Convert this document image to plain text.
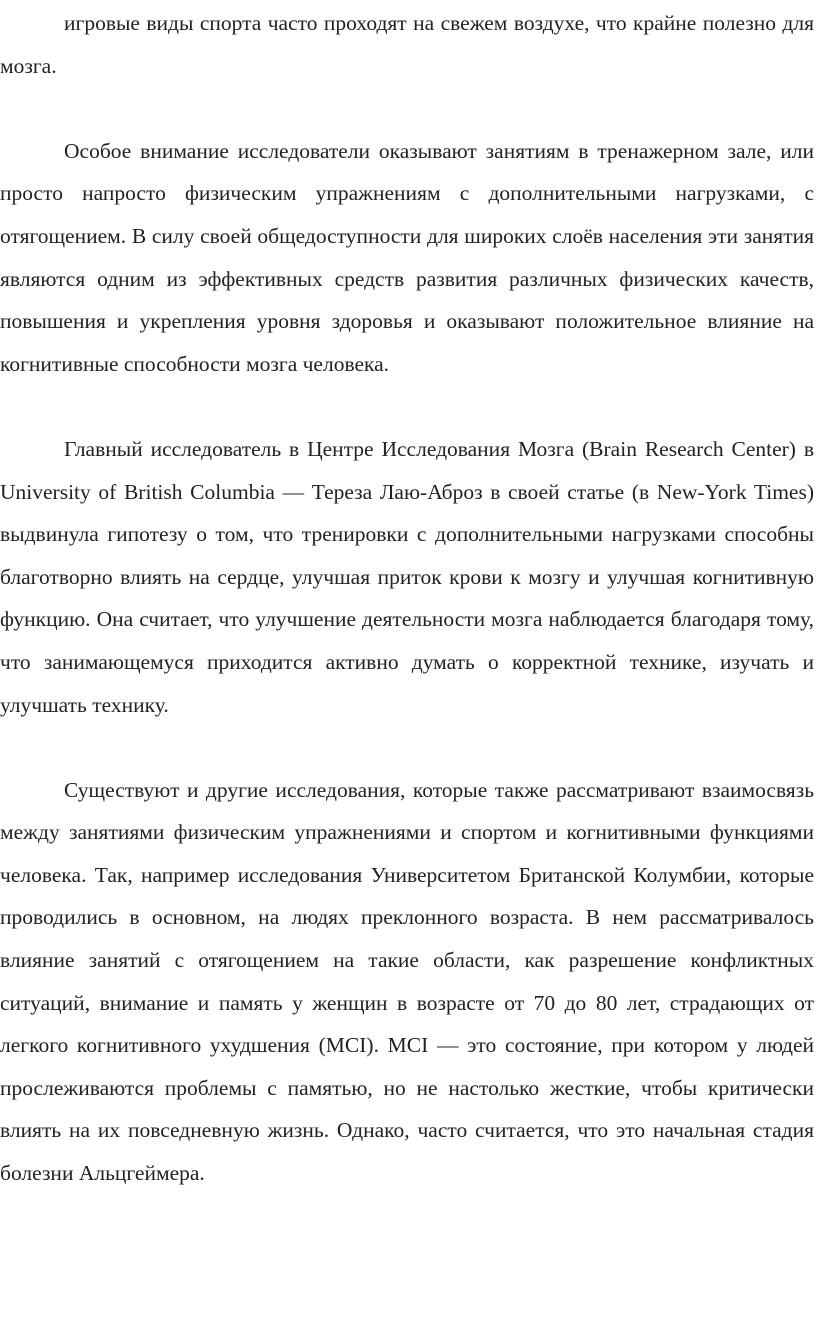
игровые виды спорта часто проходят на свежем воздухе, что крайне полезно для мозга.

Особое внимание исследователи оказывают занятиям в тренажерном зале, или просто напросто физическим упражнениям с дополнительными нагрузками, с отягощением. В силу своей общедоступности для широких слоёв населения эти занятия являются одним из эффективных средств развития различных физических качеств, повышения и укрепления уровня здоровья и оказывают положительное влияние на когнитивные способности мозга человека.

Главный исследователь в Центре Исследования Мозга (Brain Research Center) в University of British Columbia — Тереза Лаю-Аброз в своей статье (в New-York Times) выдвинула гипотезу о том, что тренировки с дополнительными нагрузками способны благотворно влиять на сердце, улучшая приток крови к мозгу и улучшая когнитивную функцию. Она считает, что улучшение деятельности мозга наблюдается благодаря тому, что занимающемуся приходится активно думать о корректной технике, изучать и улучшать технику.

Существуют и другие исследования, которые также рассматривают взаимосвязь между занятиями физическим упражнениями и спортом и когнитивными функциями человека. Так, например исследования Университетом Британской Колумбии, которые проводились в основном, на людях преклонного возраста. В нем рассматривалось влияние занятий с отягощением на такие области, как разрешение конфликтных ситуаций, внимание и память у женщин в возрасте от 70 до 80 лет, страдающих от легкого когнитивного ухудшения (MCI). MCI — это состояние, при котором у людей прослеживаются проблемы с памятью, но не настолько жесткие, чтобы критически влиять на их повседневную жизнь. Однако, часто считается, что это начальная стадия болезни Альцгеймера.
